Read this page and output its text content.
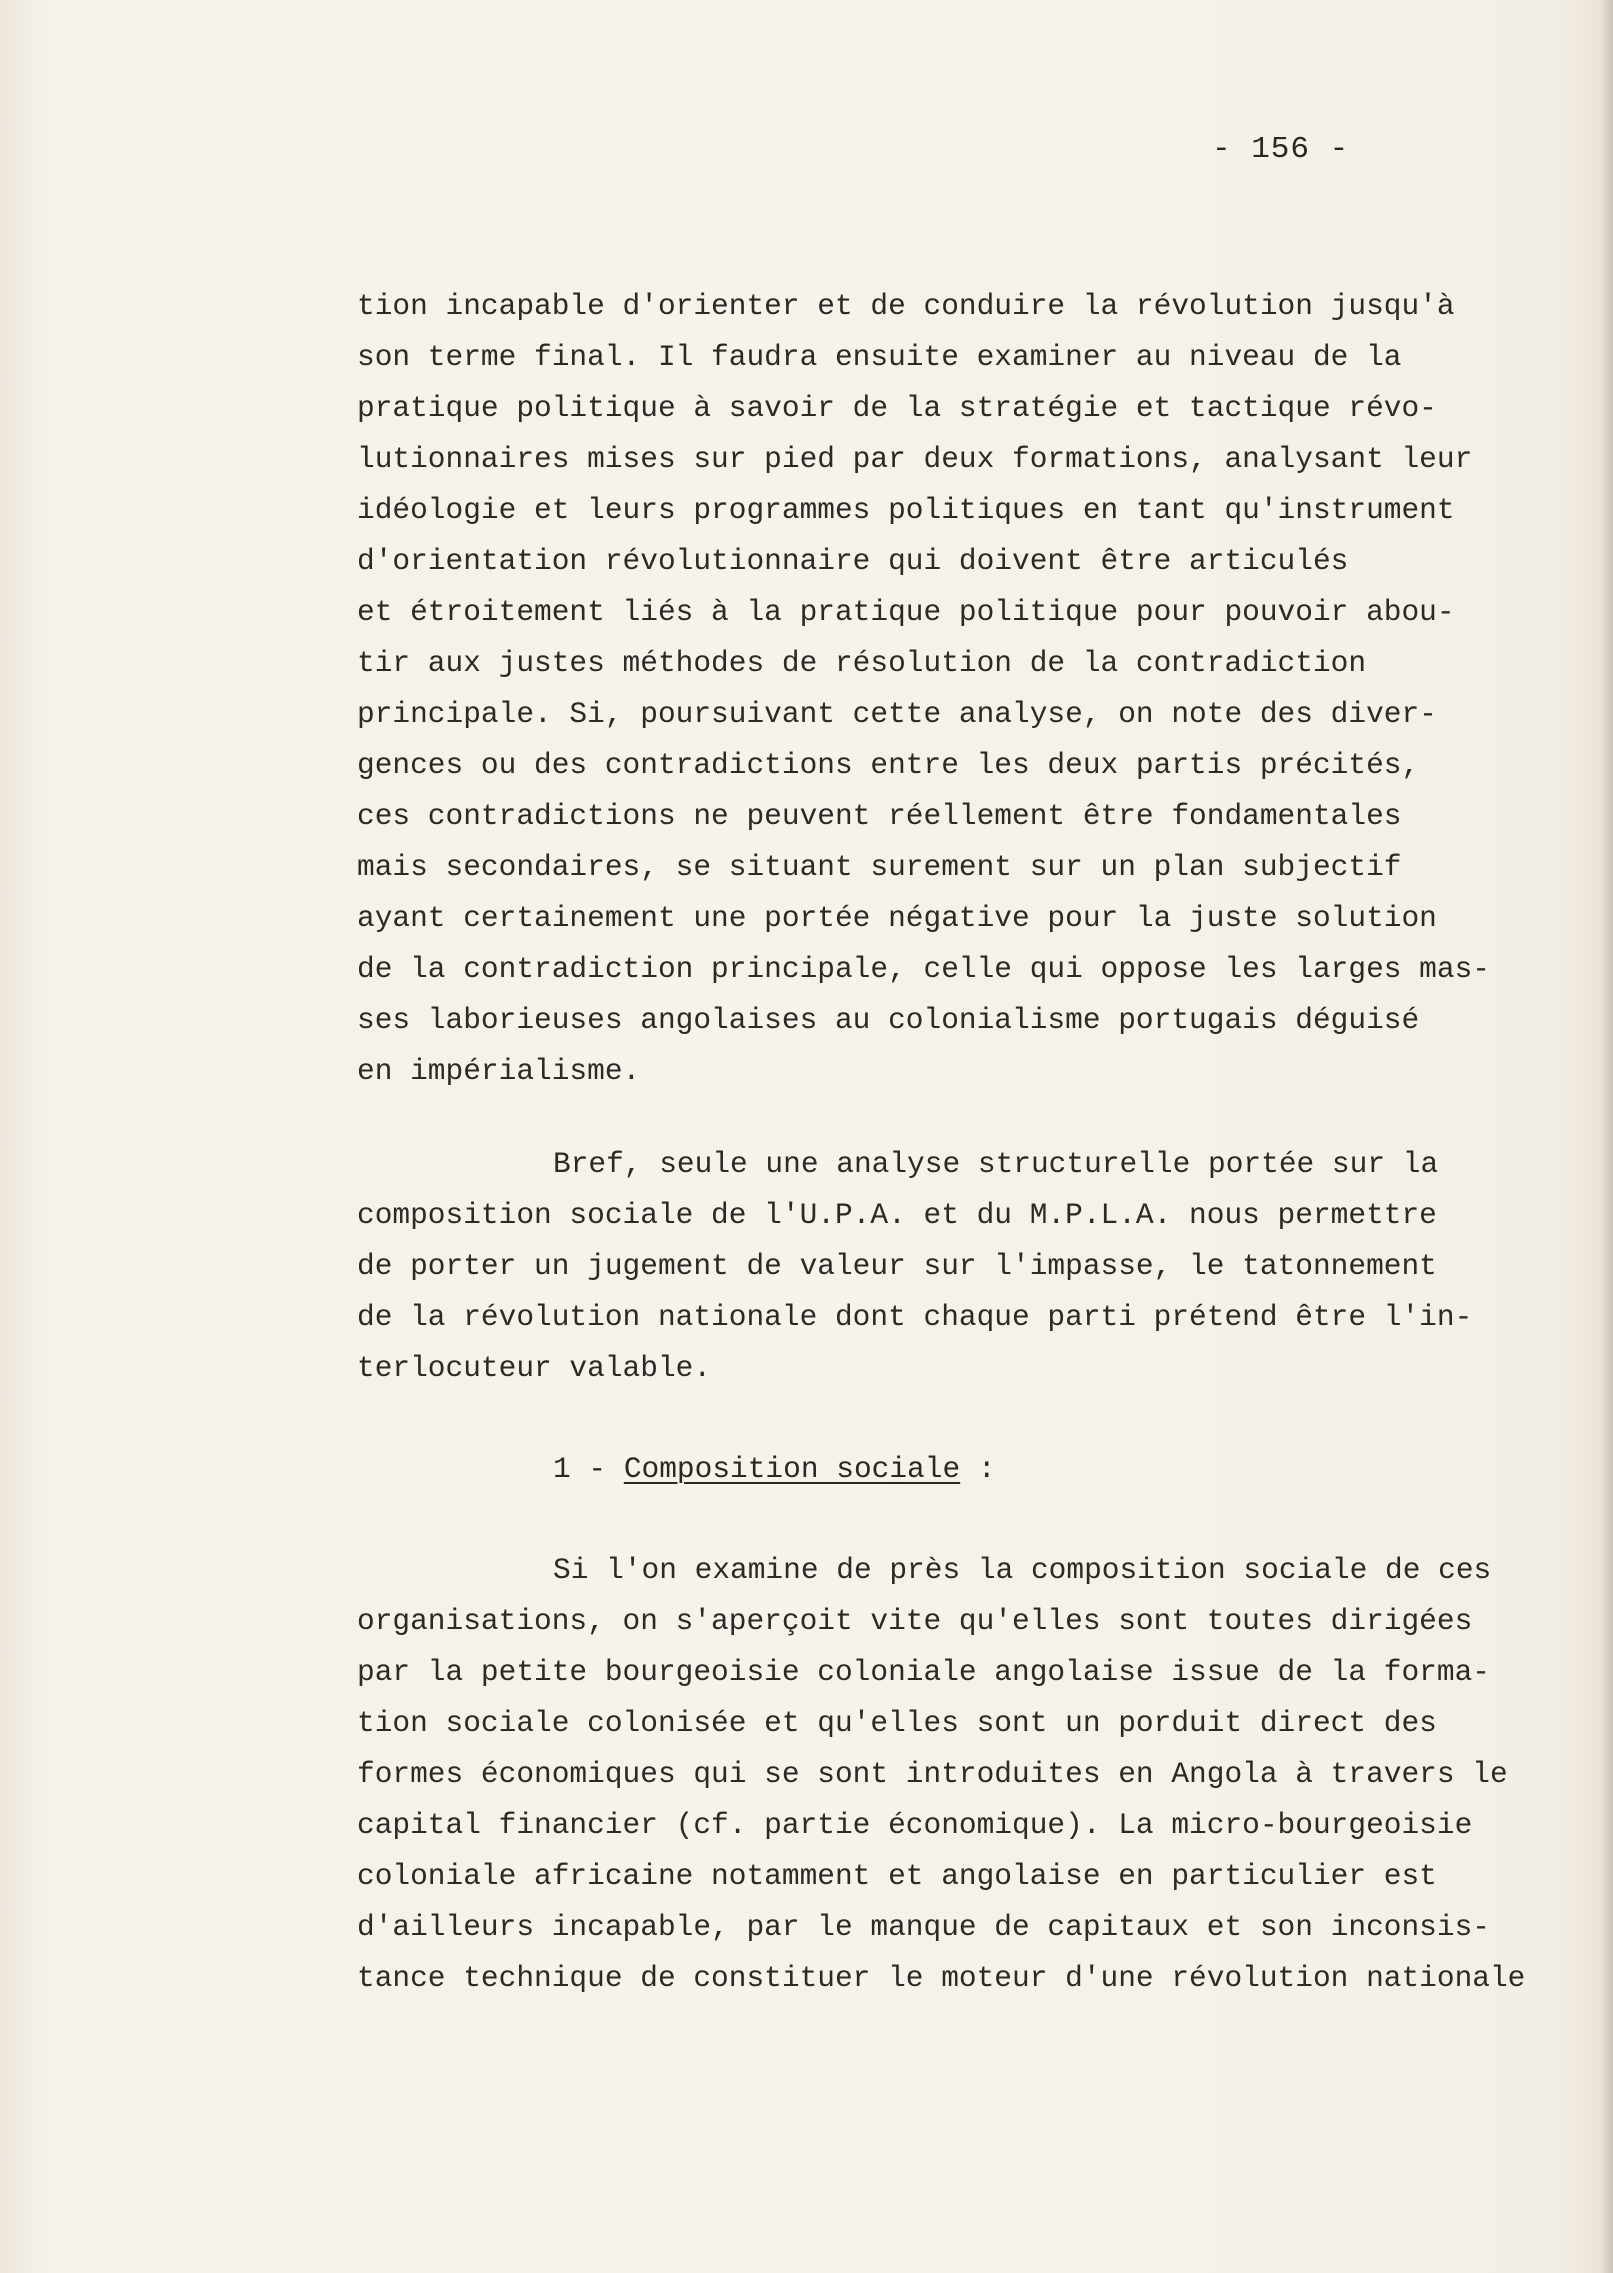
- 156 -
tion incapable d'orienter et de conduire la révolution jusqu'à
son terme final. Il faudra ensuite examiner au niveau de la
pratique politique à savoir de la stratégie et tactique révo-
lutionnaires mises sur pied par deux formations, analysant leur
idéologie et leurs programmes politiques en tant qu'instrument
d'orientation révolutionnaire qui doivent être articulés
et étroitement liés à la pratique politique pour pouvoir abou-
tir aux justes méthodes de résolution de la contradiction
principale. Si, poursuivant cette analyse, on note des diver-
gences ou des contradictions entre les deux partis précités,
ces contradictions ne peuvent réellement être fondamentales
mais secondaires, se situant surement sur un plan subjectif
ayant certainement une portée négative pour la juste solution
de la contradiction principale, celle qui oppose les larges mas-
ses laborieuses angolaises au colonialisme portugais déguisé
en impérialisme.
Bref, seule une analyse structurelle portée sur la
composition sociale de l'U.P.A. et du M.P.L.A. nous permettre
de porter un jugement de valeur sur l'impasse, le tatonnement
de la révolution nationale dont chaque parti prétend être l'in-
terlocuteur valable.
1 - Composition sociale :
Si l'on examine de près la composition sociale de ces
organisations, on s'aperçoit vite qu'elles sont toutes dirigées
par la petite bourgeoisie coloniale angolaise issue de la forma-
tion sociale colonisée et qu'elles sont un porduit direct des
formes économiques qui se sont introduites en Angola à travers le
capital financier (cf. partie économique). La micro-bourgeoisie
coloniale africaine notamment et angolaise en particulier est
d'ailleurs incapable, par le manque de capitaux et son inconsis-
tance technique de constituer le moteur d'une révolution nationale
